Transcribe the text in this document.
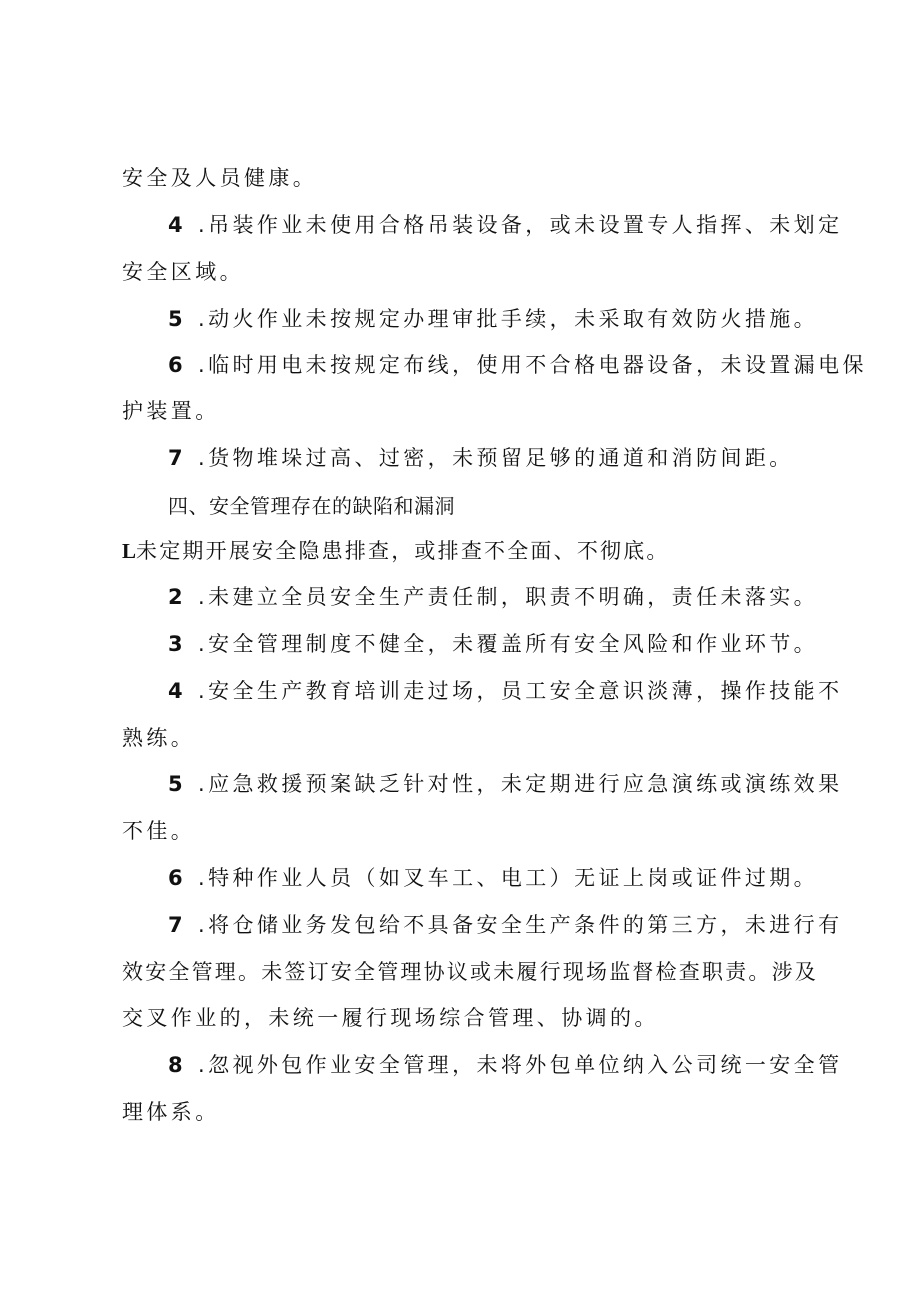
安全及人员健康。
4 .吊装作业未使用合格吊装设备，或未设置专人指挥、未划定
安全区域。
5 .动火作业未按规定办理审批手续，未采取有效防火措施。
6 .临时用电未按规定布线，使用不合格电器设备，未设置漏电保
护装置。
7 .货物堆垛过高、过密，未预留足够的通道和消防间距。
四、安全管理存在的缺陷和漏洞
L未定期开展安全隐患排查，或排查不全面、不彻底。
2 .未建立全员安全生产责任制，职责不明确，责任未落实。
3 .安全管理制度不健全，未覆盖所有安全风险和作业环节。
4 .安全生产教育培训走过场，员工安全意识淡薄，操作技能不
熟练。
5 .应急救援预案缺乏针对性，未定期进行应急演练或演练效果
不佳。
6 .特种作业人员（如叉车工、电工）无证上岗或证件过期。
7 .将仓储业务发包给不具备安全生产条件的第三方，未进行有
效安全管理。未签订安全管理协议或未履行现场监督检查职责。涉及
交叉作业的，未统一履行现场综合管理、协调的。
8 .忽视外包作业安全管理，未将外包单位纳入公司统一安全管
理体系。
